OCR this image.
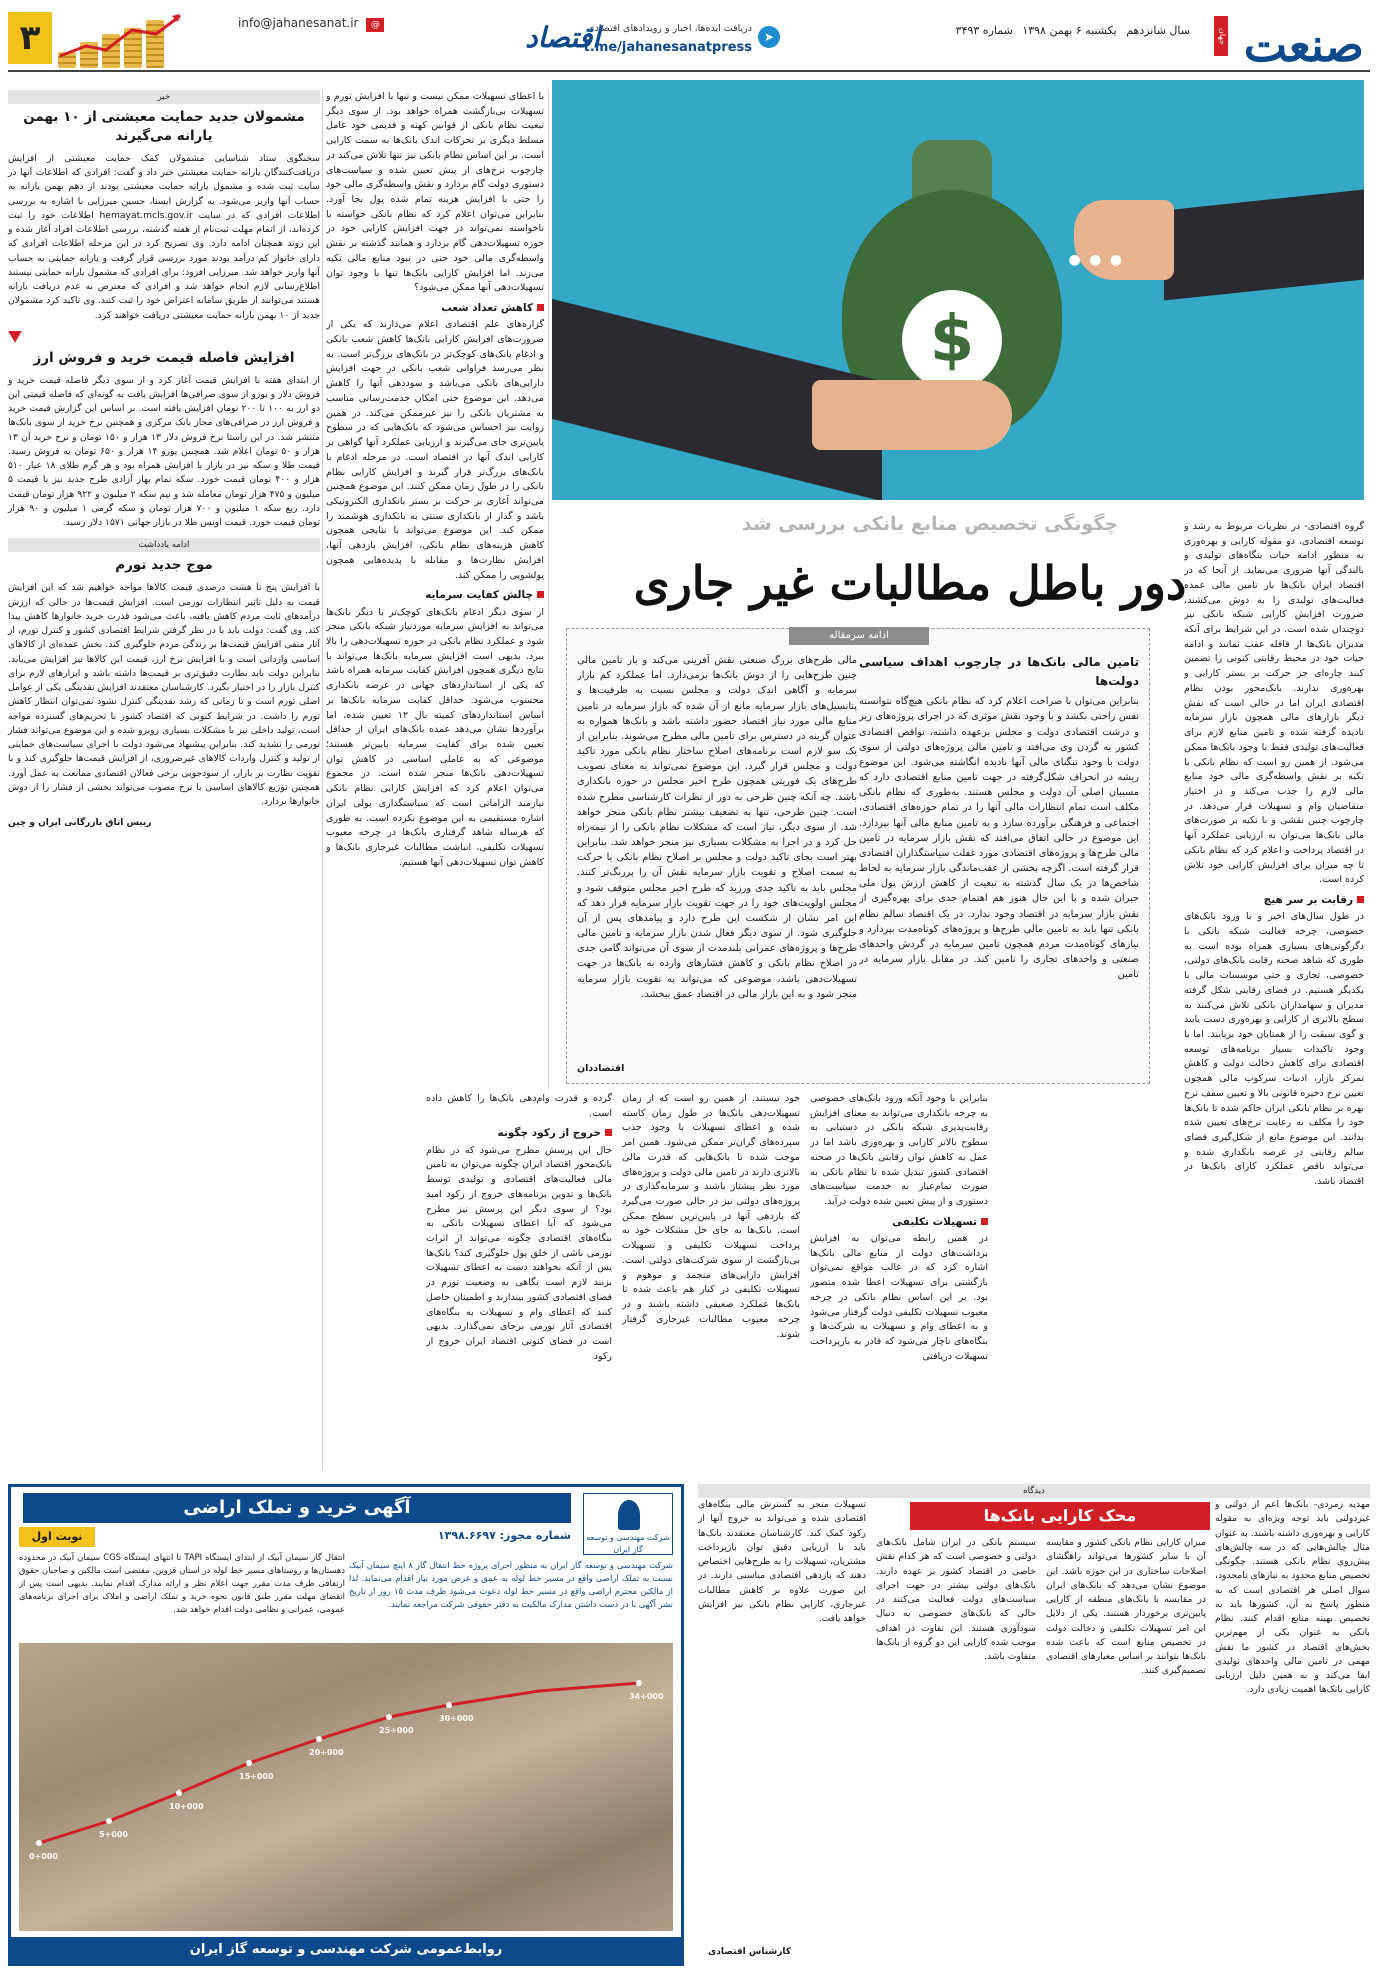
صنعت
جهان
سال شانزدهم یکشنبه ۶ بهمن ۱۳۹۸ شماره ۳۴۹۳
➤
دریافت ایده‌ها، اخبار و رویدادهای اقتصادی
t.me/jahanesanatpress
اقتصاد
info@jahanesanat.ir @
۳
● ● ●
$
چگونگی تخصیص منابع بانکی بررسی شد
دور باطل مطالبات غیر جاری

گروه اقتصادی- در نظریات مربوط به رشد و توسعه اقتصادی، دو مقوله کارایی و بهره‌وری به منظور ادامه حیات بنگاه‌های تولیدی و بالندگی آنها ضروری می‌نماید. از آنجا که در اقتصاد ایران بانک‌ها بار تامین مالی عمده فعالیت‌های تولیدی را به دوش می‌کشند، ضرورت افزایش کارایی شبکه بانکی نیز دوچندان شده است. در این شرایط برای آنکه مدیران بانک‌ها از قافله عقب نمانند و ادامه حیات خود در محیط رقابتی کنونی را تضمین کنند چاره‌ای جز حرکت بر بستر کارایی و بهره‌وری ندارند. بانک‌محور بودن نظام اقتصادی ایران اما در حالی است که نقش دیگر بازارهای مالی همچون بازار سرمایه نادیده گرفته شده و تامین منابع لازم برای فعالیت‌های تولیدی فقط با وجود بانک‌ها ممکن می‌شود. از همین رو است که نظام بانکی با تکیه بر نقش واسطه‌گری مالی خود منابع مالی لازم را جذب می‌کند و در اختیار متقاضیان وام و تسهیلات قرار می‌دهد. در چارچوب چنین نقشی و با تکیه بر صورت‌های مالی بانک‌ها می‌توان به ارزیابی عملکرد آنها در اقتصاد پرداخت و اعلام کرد که نظام بانکی تا چه میزان برای افزایش کارایی خود تلاش کرده است.

رقابت بر سر هیچ

در طول سال‌های اخیر و با ورود بانک‌های خصوصی، چرخه فعالیت شبکه بانکی با دگرگونی‌های بسیاری همراه بوده است به طوری که شاهد صحنه رقابت بانک‌های دولتی، خصوصی، تجاری و حتی موسسات مالی با یکدیگر هستیم. در فضای رقابتی شکل گرفته مدیران و سهامداران بانکی تلاش می‌کنند به سطح بالاتری از کارایی و بهره‌وری دست یابند و گوی سبقت را از همتایان خود بربایند. اما با وجود تاکیدات بسیار برنامه‌های توسعه اقتصادی برای کاهش دخالت دولت و کاهش تمرکز بازار، ادبیات سرکوب مالی همچون تعیین نرخ ذخیره قانونی بالا و تعیین سقف نرخ بهره بر نظام بانکی ایران حاکم شده تا بانک‌ها خود را مکلف به رعایت نرخ‌های تعیین شده بدانند. این موضوع مانع از شکل‌گیری فضای سالم رقابتی در عرصه بانکداری شده و می‌تواند ناقض عملکرد کارای بانک‌ها در اقتصاد باشد.

ادامه سرمقاله
تامین مالی بانک‌ها در چارچوب اهداف سیاسی دولت‌ها

بنابراین می‌توان با صراحت اعلام کرد که نظام بانکی هیچ‌گاه نتوانسته نفس راحتی بکشد و با وجود نقش موثری که در اجرای پروژه‌های ریز و درشت اقتصادی دولت و مجلس برعهده داشته، نواقص اقتصادی کشور به گردن وی می‌افتد و تامین مالی پروژه‌های دولتی از سوی دولت با وجود تنگنای مالی آنها نادیده انگاشته می‌شود. این موضوع ریشه در انحراف شکل‌گرفته در جهت تامین منابع اقتصادی دارد که مسببان اصلی آن دولت و مجلس هستند. به‌طوری که نظام بانکی مکلف است تمام انتظارات مالی آنها را در تمام حوزه‌های اقتصادی، اجتماعی و فرهنگی برآورده سازد و به تامین منابع مالی آنها بپردازد. این موضوع در حالی اتفاق می‌افتد که نقش بازار سرمایه در تامین مالی طرح‌ها و پروژه‌های اقتصادی مورد غفلت سیاستگذاران اقتصادی قرار گرفته است. اگرچه بخشی از عقب‌ماندگی بازار سرمایه به لحاظ شاخص‌ها در یک سال گذشته به تبعیت از کاهش ارزش پول ملی جبران شده و با این حال هنوز هم اهتمام جدی برای بهره‌گیری از نقش بازار سرمایه در اقتصاد وجود ندارد. در یک اقتصاد سالم نظام بانکی تنها باید به تامین مالی طرح‌ها و پروژه‌های کوتاه‌مدت بپردازد و نیازهای کوتاه‌مدت مردم همچون تامین سرمایه در گردش واحدهای صنعتی و واحدهای تجاری را تامین کند. در مقابل بازار سرمایه در تامین

مالی طرح‌های بزرگ صنعتی نقش آفرینی می‌کند و بار تامین مالی چنین طرح‌هایی را از دوش بانک‌ها برمی‌دارد. اما عملکرد کم بازار سرمایه و آگاهی اندک دولت و مجلس نسبت به ظرفیت‌ها و پتانسیل‌های بازار سرمایه مانع از آن شده که بازار سرمایه در تامین منابع مالی مورد نیاز اقتصاد حضور داشته باشد و بانک‌ها همواره به عنوان گزینه در دسترس برای تامین مالی مطرح می‌شوند. بنابراین از یک سو لازم است برنامه‌های اصلاح ساختار نظام بانکی مورد تاکید دولت و مجلس قرار گیرد. این موضوع نمی‌تواند به معنای تصویب طرح‌های یک فوریتی همچون طرح اخیر مجلس در حوزه بانکداری باشد. چه آنکه چنین طرحی به دور از نظرات کارشناسی مطرح شده است. چنین طرحی، تنها به تضعیف بیشتر نظام بانکی منجر خواهد شد. از سوی دیگر، نیاز است که مشکلات نظام بانکی را از نیمه‌راه حل کرد و در اجرا به مشکلات بسیاری نیز منجر خواهد شد. بنابراین بهتر است بجای تاکید دولت و مجلس بر اصلاح نظام بانکی با حرکت به سمت اصلاح و تقویت بازار سرمایه نقش آن را پررنگ‌تر کنند. مجلس باید به تاکید جدی ورزید که طرح اخیر مجلس متوقف شود و مجلس اولویت‌های خود را در جهت تقویت بازار سرمایه قرار دهد که این امر نشان از شکست این طرح دارد و پیامدهای پس از آن جلوگیری شود. از سوی دیگر فعال شدن بازار سرمایه و تامین مالی طرح‌ها و پروژه‌های عمرانی بلندمدت از سوی آن می‌تواند گامی جدی در اصلاح نظام بانکی و کاهش فشارهای وارده به بانک‌ها در جهت تسهیلات‌دهی باشد، موضوعی که می‌تواند به تقویت بازار سرمایه منجر شود و به این بازار مالی در اقتصاد عمق ببخشد.

اقتصاددان

با اعطای تسهیلات ممکن نیست و تنها با افزایش تورم و تسهیلات بی‌بازگشت همراه خواهد بود. از سوی دیگر تبعیت نظام بانکی از قوانین کهنه و قدیمی خود عامل مسلط دیگری بر تحرکات اندک بانک‌ها به سمت کارایی است. بر این اساس نظام بانکی نیز تنها تلاش می‌کند در چارچوب نرخ‌های از پیش تعیین شده و سیاست‌های دستوری دولت گام بردارد و نقش واسطه‌گری مالی خود را حتی با افزایش هزینه تمام شده پول بجا آورد. بنابراین می‌توان اعلام کرد که نظام بانکی خواسته یا ناخواسته نمی‌تواند در جهت افزایش کارایی خود در حوزه تسهیلات‌دهی گام بردارد و همانند گذشته بر نقش واسطه‌گری مالی خود حتی در نبود منابع مالی تکیه می‌زند. اما افزایش کارایی بانک‌ها تنها با وجود توان تسهیلات‌دهی آنها ممکن می‌شود؟

کاهش تعداد شعب

گزاره‌های علم اقتصادی اعلام می‌دارند که یکی از ضرورت‌های افزایش کارایی بانک‌ها کاهش شعب بانکی و ادغام بانک‌های کوچک‌تر در بانک‌های بزرگ‌تر است. به نظر می‌رسد فراوانی شعب بانکی در جهت افزایش دارایی‌های بانکی می‌باشد و سوددهی آنها را کاهش می‌دهد. این موضوع حتی امکان خدمت‌رسانی مناسب به مشتریان بانکی را نیز غیرممکن می‌کند. در همین روایت نیز احساس می‌شود که بانک‌هایی که در سطوح پایین‌تری جای می‌گیرند و ارزیابی عملکرد آنها گواهی بر کارایی اندک آنها در اقتصاد است. در مرحله ادغام با بانک‌های بزرگ‌تر قرار گیرند و افزایش کارایی نظام بانکی را در طول زمان ممکن کنند. این موضوع همچنین می‌تواند آغازی بر حرکت بر بستر بانکداری الکترونیکی باشد و گذار از بانکداری سنتی به بانکداری هوشمند را ممکن کند. این موضوع می‌تواند با نتایجی همچون کاهش هزینه‌های نظام بانکی، افزایش بازدهی آنها، افزایش نظارت‌ها و مقابله با پدیده‌هایی همچون پولشویی را ممکن کند.

چالش کفایت سرمایه

از سوی دیگر ادغام بانک‌های کوچک‌تر با دیگر بانک‌ها می‌تواند به افزایش سرمایه موردنیاز شبکه بانکی منجر شود و عملکرد نظام بانکی در حوزه تسهیلات‌دهی را بالا ببرد. بدیهی است افزایش سرمایه بانک‌ها می‌تواند با نتایج دیگری همچون افزایش کفایت سرمایه همراه باشد که یکی از استانداردهای جهانی در عرصه بانکداری محسوب می‌شود. حداقل کفایت سرمایه بانک‌ها بر اساس استانداردهای کمیته بال ۱۲ تعیین شده، اما برآوردها نشان می‌دهد عمده بانک‌های ایران از حداقل تعیین شده برای کفایت سرمایه پایین‌تر هستند؛ موضوعی که به عاملی اساسی در کاهش توان تسهیلات‌دهی بانک‌ها منجر شده است. در مجموع می‌توان اعلام کرد که افزایش کارایی نظام بانکی نیازمند الزاماتی است که سیاستگذاری پولی ایران اشاره مستقیمی به این موضوع نکرده است. به طوری که هرساله شاهد گرفتاری بانک‌ها در چرخه معیوب تسهیلات تکلیفی، انباشت مطالبات غیرجاری بانک‌ها و کاهش توان تسهیلات‌دهی آنها هستیم.

بنابراین با وجود آنکه ورود بانک‌های خصوصی به چرخه بانکداری می‌تواند به معنای افزایش رقابت‌پذیری شبکه بانکی در دستیابی به سطوح بالاتر کارایی و بهره‌وری باشد اما در عمل به کاهش توان رقابتی بانک‌ها در صحنه اقتصادی کشور تبدیل شده تا نظام بانکی به صورت تمام‌عیار به خدمت سیاست‌های دستوری و از پیش تعیین شده دولت درآید.

تسهیلات تکلیفی

در همین رابطه می‌توان به افزایش برداشت‌های دولت از منابع مالی بانک‌ها اشاره کرد که در غالب مواقع نمی‌توان بازگشتی برای تسهیلات اعطا شده متصور بود. بر این اساس نظام بانکی در چرخه معیوب تسهیلات تکلیفی دولت گرفتار می‌شود و به اعطای وام و تسهیلات به شرکت‌ها و بنگاه‌های ناچار می‌شود که قادر به بازپرداخت تسهیلات دریافتی

خود نیستند. از همین رو است که از زمان تسهیلات‌دهی بانک‌ها در طول زمان کاسته شده و اعطای تسهیلات با وجود جذب سپرده‌های گران‌تر ممکن می‌شود. همین امر موجب شده تا بانک‌هایی که قدرت مالی بالاتری دارند در تامین مالی دولت و پروژه‌های مورد نظر پیشتاز باشند و سرمایه‌گذاری در پروژه‌های دولتی نیز در حالی صورت می‌گیرد که بازدهی آنها در پایین‌ترین سطح ممکن است. بانک‌ها به جای حل مشکلات خود به پرداخت تسهیلات تکلیفی و تسهیلات بی‌بازگشت از سوی شرکت‌های دولتی است. افزایش دارایی‌های منجمد و موهوم و تسهیلات تکلیفی در کنار هم باعث شده تا بانک‌ها عملکرد ضعیفی داشته باشند و در چرخه معیوب مطالبات غیرجاری گرفتار شوند.

گرده و قدرت وام‌دهی بانک‌ها را کاهش داده است.

خروج از رکود چگونه

حال این پرسش مطرح می‌شود که در نظام بانک‌محور اقتصاد ایران چگونه می‌توان به تامین مالی فعالیت‌های اقتصادی و تولیدی توسط بانک‌ها و تدوین برنامه‌های خروج از رکود امید بود؟ از سوی دیگر این پرسش نیز مطرح می‌شود که آیا اعطای تسهیلات بانکی به بنگاه‌های اقتصادی چگونه می‌تواند از اثرات تورمی ناشی از خلق پول جلوگیری کند؟ بانک‌ها پس از آنکه بخواهند دست به اعطای تسهیلات بزنند لازم است نگاهی به وضعیت تورم در فضای اقتصادی کشور بیندازند و اطمینان حاصل کنند که اعطای وام و تسهیلات به بنگاه‌های اقتصادی آثار تورمی برجای نمی‌گذارد. بدیهی است در فضای کنونی اقتصاد ایران خروج از رکود

خبر
مشمولان جدید حمایت معیشتی از ۱۰ بهمن یارانه می‌گیرند
سخنگوی ستاد شناسایی مشمولان کمک حمایت معیشتی از افزایش دریافت‌کنندگان یارانه حمایت معیشتی خبر داد و گفت: افرادی که اطلاعات آنها در سایت ثبت شده و مشمول یارانه حمایت معیشتی بودند از دهم بهمن یارانه به حساب آنها واریز می‌شود. به گزارش ایسنا، حسین میرزایی با اشاره به بررسی اطلاعات افرادی که در سایت hemayat.mcls.gov.ir اطلاعات خود را ثبت کرده‌اند، از اتمام مهلت ثبت‌نام از هفته گذشته، بررسی اطلاعات افراد آغاز شده و این روند همچنان ادامه دارد. وی تصریح کرد در این مرحله اطلاعات افرادی که دارای خانوار کم درآمد بودند مورد بررسی قرار گرفت و یارانه حمایتی به حساب آنها واریز خواهد شد. میرزایی افزود: برای افرادی که مشمول یارانه حمایتی نیستند اطلاع‌رسانی لازم انجام خواهد شد و افرادی که معترض به عدم دریافت یارانه هستند می‌توانند از طریق سامانه اعتراض خود را ثبت کنند. وی تاکید کرد مشمولان جدید از ۱۰ بهمن یارانه حمایت معیشتی دریافت خواهند کرد.
افزایش فاصله قیمت خرید و فروش ارز
از ابتدای هفته با افزایش قیمت آغاز کرد و از سوی دیگر فاصله قیمت خرید و فروش دلار و یورو از سوی صرافی‌ها افزایش یافت به گونه‌ای که فاصله قیمتی این دو ارز به ۱۰۰ تا ۲۰۰ تومان افزایش یافته است. بر اساس این گزارش قیمت خرید و فروش ارز در صرافی‌های مجاز بانک مرکزی و همچنین نرخ خرید از سوی بانک‌ها منتشر شد. در این راستا نرخ فروش دلار ۱۳ هزار و ۱۵۰ تومان و نرخ خرید آن ۱۳ هزار و ۵۰ تومان اعلام شد. همچنین یورو ۱۴ هزار و ۶۵۰ تومان به فروش رسید. قیمت طلا و سکه نیز در بازار با افزایش همراه بود و هر گرم طلای ۱۸ عیار ۵۱۰ هزار و ۴۰۰ تومان قیمت خورد. سکه تمام بهار آزادی طرح جدید نیز با قیمت ۵ میلیون و ۴۷۵ هزار تومان معامله شد و نیم سکه ۲ میلیون و ۹۲۲ هزار تومان قیمت دارد. ربع سکه ۱ میلیون و ۷۰۰ هزار تومان و سکه گرمی ۱ میلیون و ۹۰ هزار تومان قیمت خورد. قیمت اونس طلا در بازار جهانی ۱۵۷۱ دلار رسید.
ادامه یادداشت
موج جدید تورم
با افزایش پنج تا هشت درصدی قیمت کالاها مواجه خواهیم شد که این افزایش قیمت به دلیل تاثیر انتظارات تورمی است. افزایش قیمت‌ها در حالی که ارزش درآمدهای ثابت مردم کاهش یافته، باعث می‌شود قدرت خرید خانوارها کاهش پیدا کند. وی گفت: دولت باید با در نظر گرفتن شرایط اقتصادی کشور و کنترل تورم، از آثار منفی افزایش قیمت‌ها بر زندگی مردم جلوگیری کند. بخش عمده‌ای از کالاهای اساسی وارداتی است و با افزایش نرخ ارز، قیمت این کالاها نیز افزایش می‌یابد. بنابراین دولت باید نظارت دقیق‌تری بر قیمت‌ها داشته باشد و ابزارهای لازم برای کنترل بازار را در اختیار بگیرد. کارشناسان معتقدند افزایش نقدینگی یکی از عوامل اصلی تورم است و تا زمانی که رشد نقدینگی کنترل نشود نمی‌توان انتظار کاهش تورم را داشت. در شرایط کنونی که اقتصاد کشور با تحریم‌های گسترده مواجه است، تولید داخلی نیز با مشکلات بسیاری روبرو شده و این موضوع می‌تواند فشار تورمی را تشدید کند. بنابراین پیشنهاد می‌شود دولت با اجرای سیاست‌های حمایتی از تولید و کنترل واردات کالاهای غیرضروری، از افزایش قیمت‌ها جلوگیری کند و با تقویت نظارت بر بازار، از سودجویی برخی فعالان اقتصادی ممانعت به عمل آورد. همچنین توزیع کالاهای اساسی با نرخ مصوب می‌تواند بخشی از فشار را از دوش خانوارها بردارد.
رییس اتاق بازرگانی ایران و چین
دیدگاه
محک کارایی بانک‌ها
مهدیه زمردی- بانک‌ها اعم از دولتی و غیردولتی باید توجه ویژه‌ای به مقوله کارایی و بهره‌وری داشته باشند. به عنوان مثال چالش‌هایی که در سه چالش‌های پیش‌روی نظام بانکی هستند. چگونگی تخصیص منابع محدود به نیازهای نامحدود، سوال اصلی هر اقتصادی است که به منظور پاسخ به آن، کشورها باید به تخصیص بهینه منابع اقدام کنند. نظام بانکی به عنوان یکی از مهم‌ترین بخش‌های اقتصاد در کشور ما نقش مهمی در تامین مالی واحدهای تولیدی ایفا می‌کند و به همین دلیل ارزیابی کارایی بانک‌ها اهمیت زیادی دارد.
میزان کارایی نظام بانکی کشور و مقایسه آن با سایر کشورها می‌تواند راهگشای اصلاحات ساختاری در این حوزه باشد. این موضوع نشان می‌دهد که بانک‌های ایران در مقایسه با بانک‌های منطقه از کارایی پایین‌تری برخوردار هستند. یکی از دلایل این امر تسهیلات تکلیفی و دخالت دولت در تخصیص منابع است که باعث شده بانک‌ها نتوانند بر اساس معیارهای اقتصادی تصمیم‌گیری کنند.
سیستم بانکی در ایران شامل بانک‌های دولتی و خصوصی است که هر کدام نقش خاصی در اقتصاد کشور بر عهده دارند. بانک‌های دولتی بیشتر در جهت اجرای سیاست‌های دولت فعالیت می‌کنند در حالی که بانک‌های خصوصی به دنبال سودآوری هستند. این تفاوت در اهداف موجب شده کارایی این دو گروه از بانک‌ها متفاوت باشد.
تسهیلات منجر به گسترش مالی بنگاه‌های اقتصادی شده و می‌تواند به خروج آنها از رکود کمک کند. کارشناسان معتقدند بانک‌ها باید با ارزیابی دقیق توان بازپرداخت مشتریان، تسهیلات را به طرح‌هایی اختصاص دهند که بازدهی اقتصادی مناسبی دارند. در این صورت علاوه بر کاهش مطالبات غیرجاری، کارایی نظام بانکی نیز افزایش خواهد یافت.
کارشناس اقتصادی
شرکت مهندسی و توسعه گاز ایران
آگهی خرید و تملک اراضی
شماره مجوز: ۱۳۹۸.۶۶۹۷
نوبت اول
شرکت مهندسی و توسعه گاز ایران به منظور اجرای پروژه خط انتقال گاز ۸ اینچ سیمان آبیک نسبت به تملک اراضی واقع در مسیر خط لوله به عمق و عرض مورد نیاز اقدام می‌نماید. لذا از مالکین محترم اراضی واقع در مسیر خط لوله دعوت می‌شود ظرف مدت ۱۵ روز از تاریخ نشر آگهی با در دست داشتن مدارک مالکیت به دفتر حقوقی شرکت مراجعه نمایند.
انتقال گاز سیمان آبیک از ابتدای ایستگاه TAPI تا انتهای ایستگاه CGS سیمان آبیک در محدوده دهستان‌ها و روستاهای مسیر خط لوله در استان قزوین. مقتضی است مالکین و صاحبان حقوق ارتفاقی ظرف مدت مقرر جهت اعلام نظر و ارائه مدارک اقدام نمایند. بدیهی است پس از انقضای مهلت مقرر طبق قانون نحوه خرید و تملک اراضی و املاک برای اجرای برنامه‌های عمومی، عمرانی و نظامی دولت اقدام خواهد شد.
0+000
5+000
10+000
15+000
20+000
25+000
30+000
34+000
روابط‌عمومی شرکت مهندسی و توسعه گاز ایران
